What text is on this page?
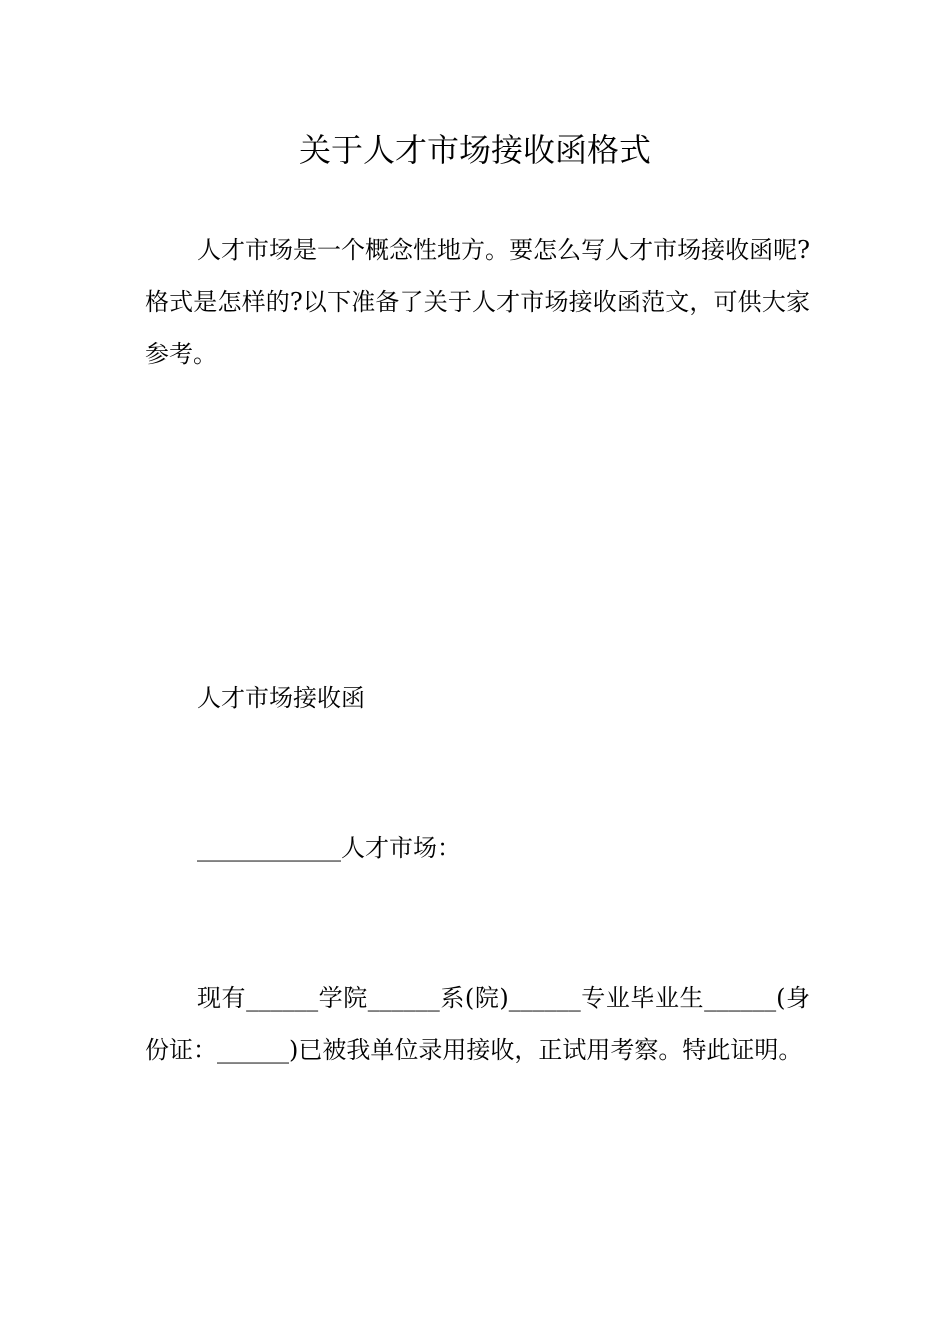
关于人才市场接收函格式

人才市场是一个概念性地方。要怎么写人才市场接收函呢?格式是怎样的?以下准备了关于人才市场接收函范文，可供大家参考。

人才市场接收函

____________人才市场：

现有______学院______系(院)______专业毕业生______(身份证：______)已被我单位录用接收，正试用考察。特此证明。
